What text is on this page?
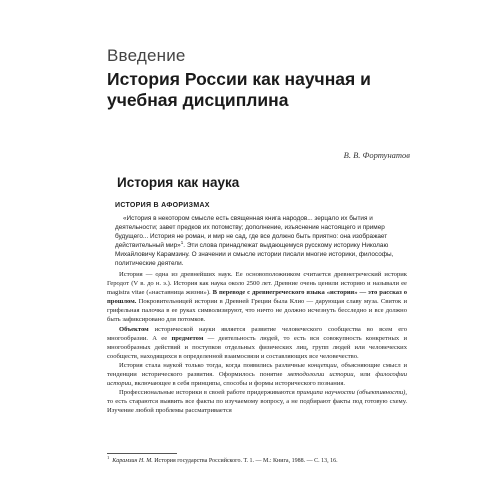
Введение
История России как научная и учебная дисциплина
В. В. Фортунатов
История как наука
ИСТОРИЯ В АФОРИЗМАХ

«История в некотором смысле есть священная книга народов... зерцало их бытия и деятельности; завет предков их потомству; дополнение, изъяснение настоящего и пример будущего... История не роман, и мир не сад, где все должно быть приятно: она изображает действительный мир»$^1$. Эти слова принадлежат выдающемуся русскому историку Николаю Михайловичу Карамзину. О значении и смысле истории писали многие историки, философы, политические деятели.

История — одна из древнейших наук. Ее основоположником считается древнегреческий историк Геродот (V в. до н. э.). История как наука около 2500 лет. Древние очень ценили историю и называли ее magistra vitae («наставница жизни»). В переводе с древнегреческого языка «история» — это рассказ о прошлом. Покровительницей истории в Древней Греции была Клио — дарующая славу муза. Свиток и грифельная палочка в ее руках символизируют, что ничто не должно исчезнуть бесследно и все должно быть зафиксировано для потомков.

Объектом исторической науки является развитие человеческого сообщества во всем его многообразии. А ее предметом — деятельность людей, то есть вся совокупность конкретных и многообразных действий и поступков отдельных физических лиц, групп людей или человеческих сообществ, находящихся в определенной взаимосвязи и составляющих все человечество.

История стала наукой только тогда, когда появились различные концепции, объясняющие смысл и тенденции исторического развития. Оформилось понятие методологии истории, или философии истории, включающее в себя принципы, способы и формы исторического познания.

Профессиональные историки в своей работе придерживаются принципа научности (объективности), то есть стараются выявить все факты по изучаемому вопросу, а не подбирают факты под готовую схему. Изучение любой проблемы рассматривается

$^1$  Карамзин Н. М. История государства Российского. Т. 1. — М.: Книга, 1988. — С. 13, 16.
